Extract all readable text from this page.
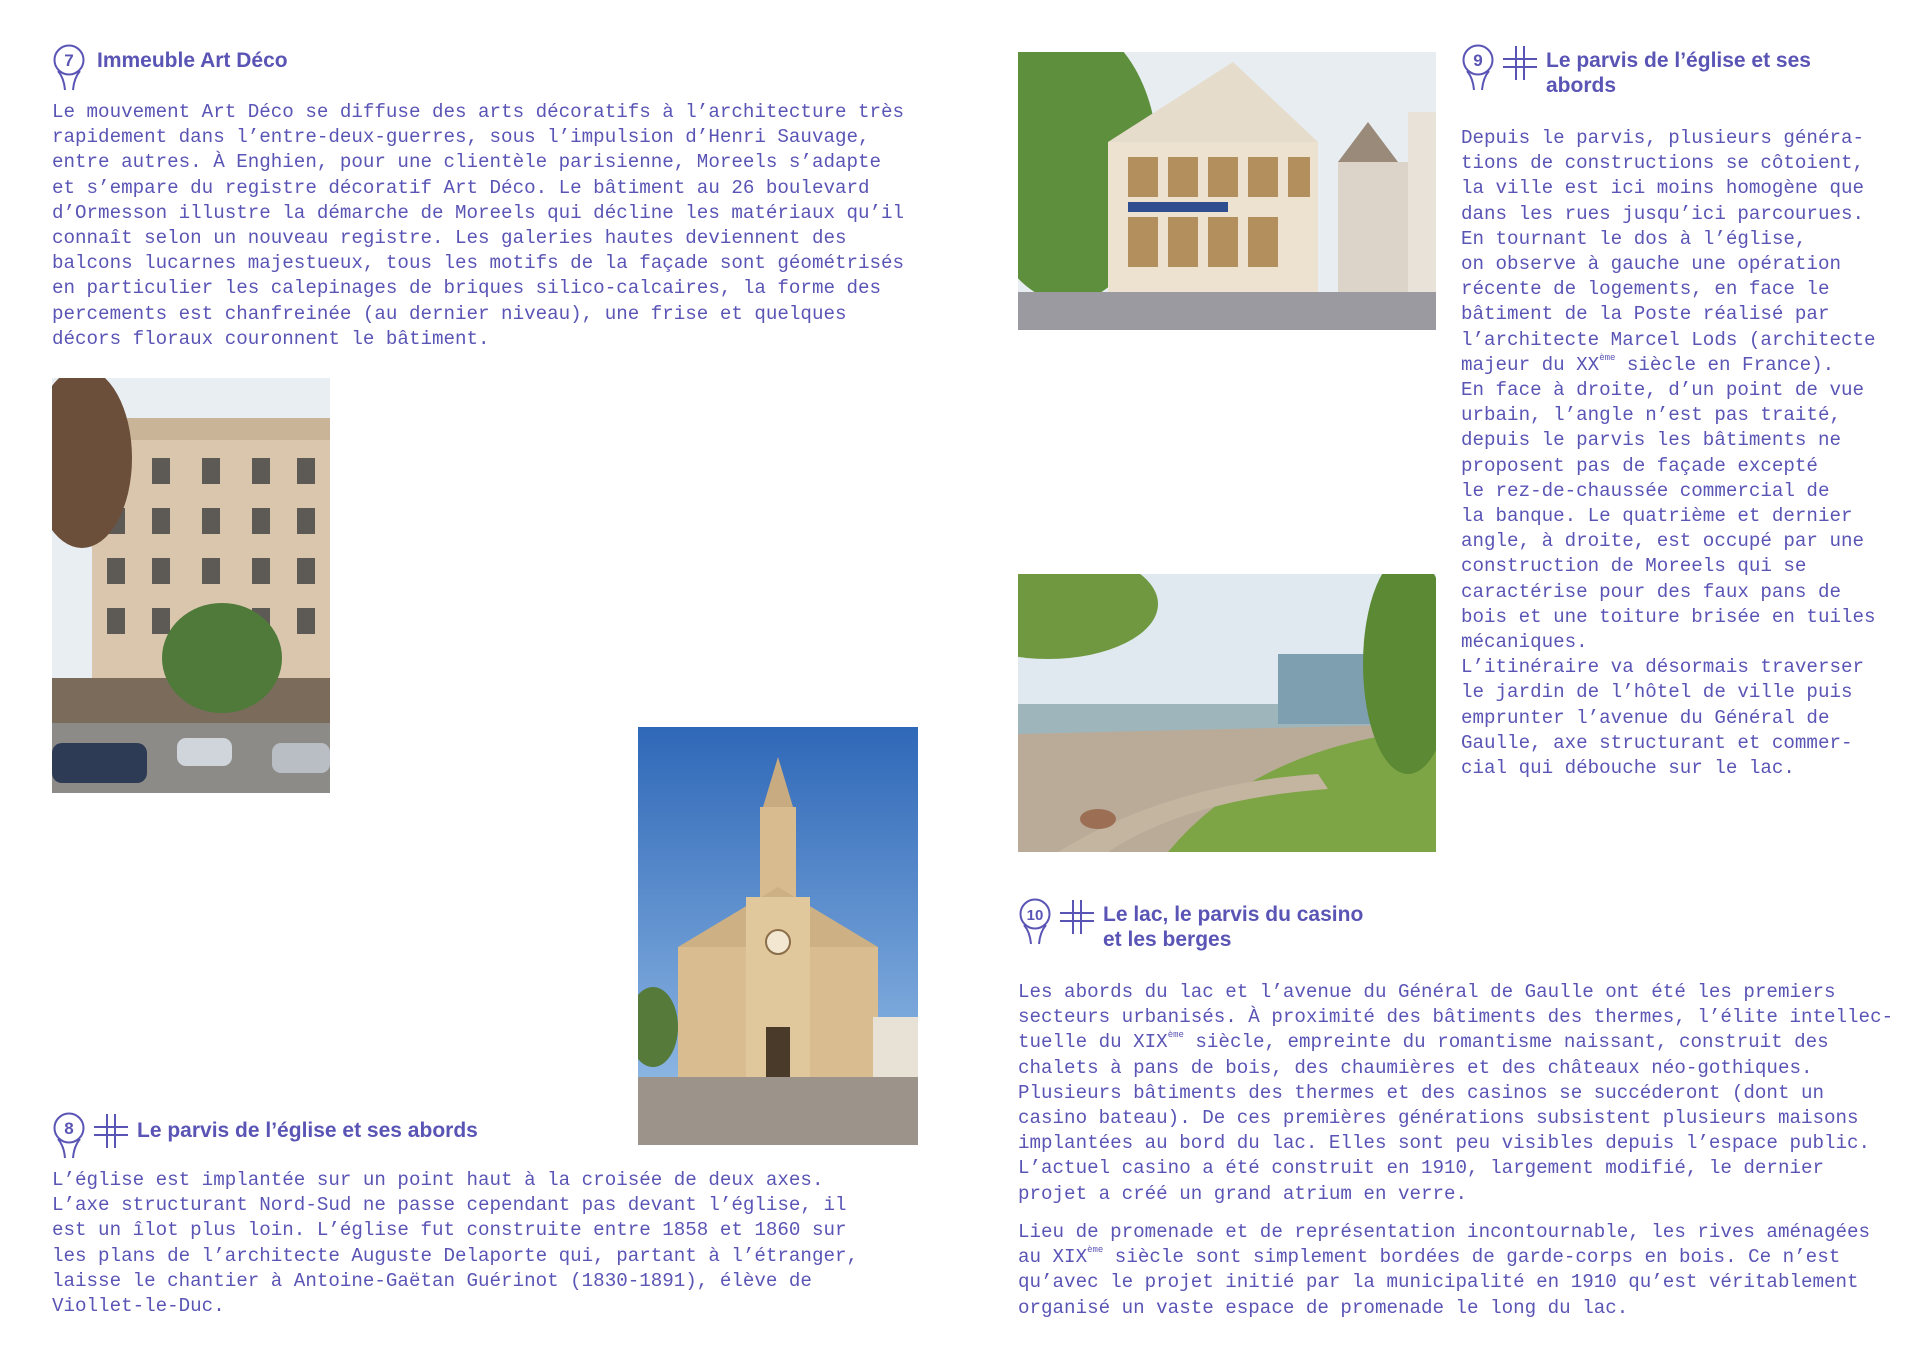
7 Immeuble Art Déco
Le mouvement Art Déco se diffuse des arts décoratifs à l’architecture très
rapidement dans l’entre-deux-guerres, sous l’impulsion d’Henri Sauvage,
entre autres. À Enghien, pour une clientèle parisienne, Moreels s’adapte
et s’empare du registre décoratif Art Déco. Le bâtiment au 26 boulevard
d’Ormesson illustre la démarche de Moreels qui décline les matériaux qu’il
connaît selon un nouveau registre. Les galeries hautes deviennent des
balcons lucarnes majestueux, tous les motifs de la façade sont géométrisés
en particulier les calepinages de briques silico-calcaires, la forme des
percements est chanfreinée (au dernier niveau), une frise et quelques
décors floraux couronnent le bâtiment.
8	Le parvis de l’église et ses abords
L’église est implantée sur un point haut à la croisée de deux axes.
L’axe structurant Nord-Sud ne passe cependant pas devant l’église, il
est un îlot plus loin. L’église fut construite entre 1858 et 1860 sur
les plans de l’architecte Auguste Delaporte qui, partant à l’étranger,
laisse le chantier à Antoine-Gaëtan Guérinot (1830-1891), élève de
Viollet-le-Duc.
9	Le parvis de l’église et ses
abords
Depuis le parvis, plusieurs généra-
tions de constructions se côtoient,
la ville est ici moins homogène que
dans les rues jusqu’ici parcourues.
En tournant le dos à l’église,
on observe à gauche une opération
récente de logements, en face le
bâtiment de la Poste réalisé par
l’architecte Marcel Lods (architecte
majeur du XXème siècle en France).
En face à droite, d’un point de vue
urbain, l’angle n’est pas traité,
depuis le parvis les bâtiments ne
proposent pas de façade excepté
le rez-de-chaussée commercial de
la banque. Le quatrième et dernier
angle, à droite, est occupé par une
construction de Moreels qui se
caractérise pour des faux pans de
bois et une toiture brisée en tuiles
mécaniques.
L’itinéraire va désormais traverser
le jardin de l’hôtel de ville puis
emprunter l’avenue du Général de
Gaulle, axe structurant et commer-
cial qui débouche sur le lac.
10	Le lac, le parvis du casino
et les berges
Les abords du lac et l’avenue du Général de Gaulle ont été les premiers
secteurs urbanisés. À proximité des bâtiments des thermes, l’élite intellec-
tuelle du XIXème siècle, empreinte du romantisme naissant, construit des
chalets à pans de bois, des chaumières et des châteaux néo-gothiques.
Plusieurs bâtiments des thermes et des casinos se succéderont (dont un
casino bateau). De ces premières générations subsistent plusieurs maisons
implantées au bord du lac. Elles sont peu visibles depuis l’espace public.
L’actuel casino a été construit en 1910, largement modifié, le dernier
projet a créé un grand atrium en verre.
Lieu de promenade et de représentation incontournable, les rives aménagées
au XIXème siècle sont simplement bordées de garde-corps en bois. Ce n’est
qu’avec le projet initié par la municipalité en 1910 qu’est véritablement
organisé un vaste espace de promenade le long du lac.
